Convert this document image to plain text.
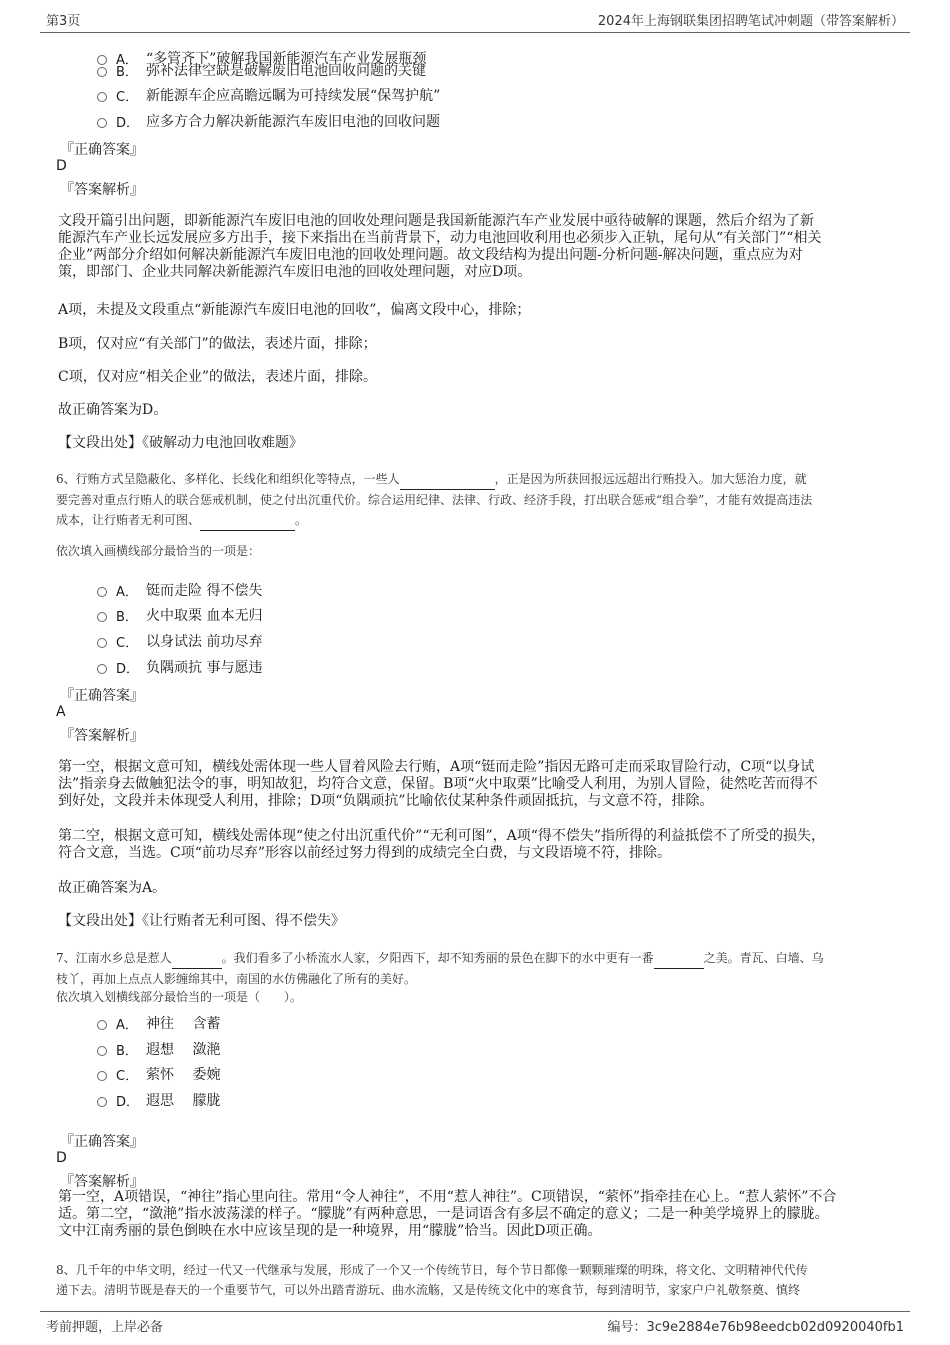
第3页	2024年上海钢联集团招聘笔试冲刺题（带答案解析）
A． “多管齐下”破解我国新能源汽车产业发展瓶颈
B． 弥补法律空缺是破解废旧电池回收问题的关键
C． 新能源车企应高瞻远瞩为可持续发展“保驾护航”
D． 应多方合力解决新能源汽车废旧电池的回收问题
『正确答案』
D
『答案解析』
文段开篇引出问题，即新能源汽车废旧电池的回收处理问题是我国新能源汽车产业发展中亟待破解的课题，然后介绍为了新
能源汽车产业长远发展应多方出手，接下来指出在当前背景下，动力电池回收利用也必须步入正轨，尾句从“有关部门”“相关
企业”两部分介绍如何解决新能源汽车废旧电池的回收处理问题。故文段结构为提出问题-分析问题-解决问题，重点应为对
策，即部门、企业共同解决新能源汽车废旧电池的回收处理问题，对应D项。
A项，未提及文段重点“新能源汽车废旧电池的回收”，偏离文段中心，排除；
B项，仅对应“有关部门”的做法，表述片面，排除；
C项，仅对应“相关企业”的做法，表述片面，排除。
故正确答案为D。
【文段出处】《破解动力电池回收难题》
6、行贿方式呈隐蔽化、多样化、长线化和组织化等特点，一些人	，正是因为所获回报远远超出行贿投入。加大惩治力度，就
要完善对重点行贿人的联合惩戒机制，使之付出沉重代价。综合运用纪律、法律、行政、经济手段，打出联合惩戒“组合拳”，才能有效提高违法
成本，让行贿者无利可图、	。
依次填入画横线部分最恰当的一项是：
A． 铤而走险 得不偿失
B． 火中取栗 血本无归
C． 以身试法 前功尽弃
D． 负隅顽抗 事与愿违
『正确答案』
A
『答案解析』
第一空，根据文意可知，横线处需体现一些人冒着风险去行贿，A项“铤而走险”指因无路可走而采取冒险行动，C项“以身试
法”指亲身去做触犯法令的事，明知故犯，均符合文意，保留。B项“火中取栗”比喻受人利用，为别人冒险，徒然吃苦而得不
到好处，文段并未体现受人利用，排除；D项“负隅顽抗”比喻依仗某种条件顽固抵抗，与文意不符，排除。
第二空，根据文意可知，横线处需体现“使之付出沉重代价”“无利可图”，A项“得不偿失”指所得的利益抵偿不了所受的损失，
符合文意，当选。C项“前功尽弃”形容以前经过努力得到的成绩完全白费，与文段语境不符，排除。
故正确答案为A。
【文段出处】《让行贿者无利可图、得不偿失》
7、江南水乡总是惹人	。我们看多了小桥流水人家，夕阳西下，却不知秀丽的景色在脚下的水中更有一番	之美。青瓦、白墙、乌
枝丫，再加上点点人影缠绵其中，南国的水仿佛融化了所有的美好。
依次填入划横线部分最恰当的一项是（　　）。
A． 神往　 含蓄
B． 遐想　 潋滟
C． 萦怀　 委婉
D． 遐思　 朦胧
『正确答案』
D
『答案解析』
第一空，A项错误，“神往”指心里向往。常用“令人神往”，不用“惹人神往”。C项错误，“萦怀”指牵挂在心上。“惹人萦怀”不合
适。第二空，“潋滟”指水波荡漾的样子。“朦胧”有两种意思，一是词语含有多层不确定的意义；二是一种美学境界上的朦胧。
文中江南秀丽的景色倒映在水中应该呈现的是一种境界，用“朦胧”恰当。因此D项正确。
8、几千年的中华文明，经过一代又一代继承与发展，形成了一个又一个传统节日，每个节日都像一颗颗璀璨的明珠，将文化、文明精神代代传
递下去。清明节既是春天的一个重要节气，可以外出踏青游玩、曲水流觞，又是传统文化中的寒食节，每到清明节，家家户户礼敬祭奠、慎终
考前押题，上岸必备	编号：3c9e2884e76b98eedcb02d0920040fb1
